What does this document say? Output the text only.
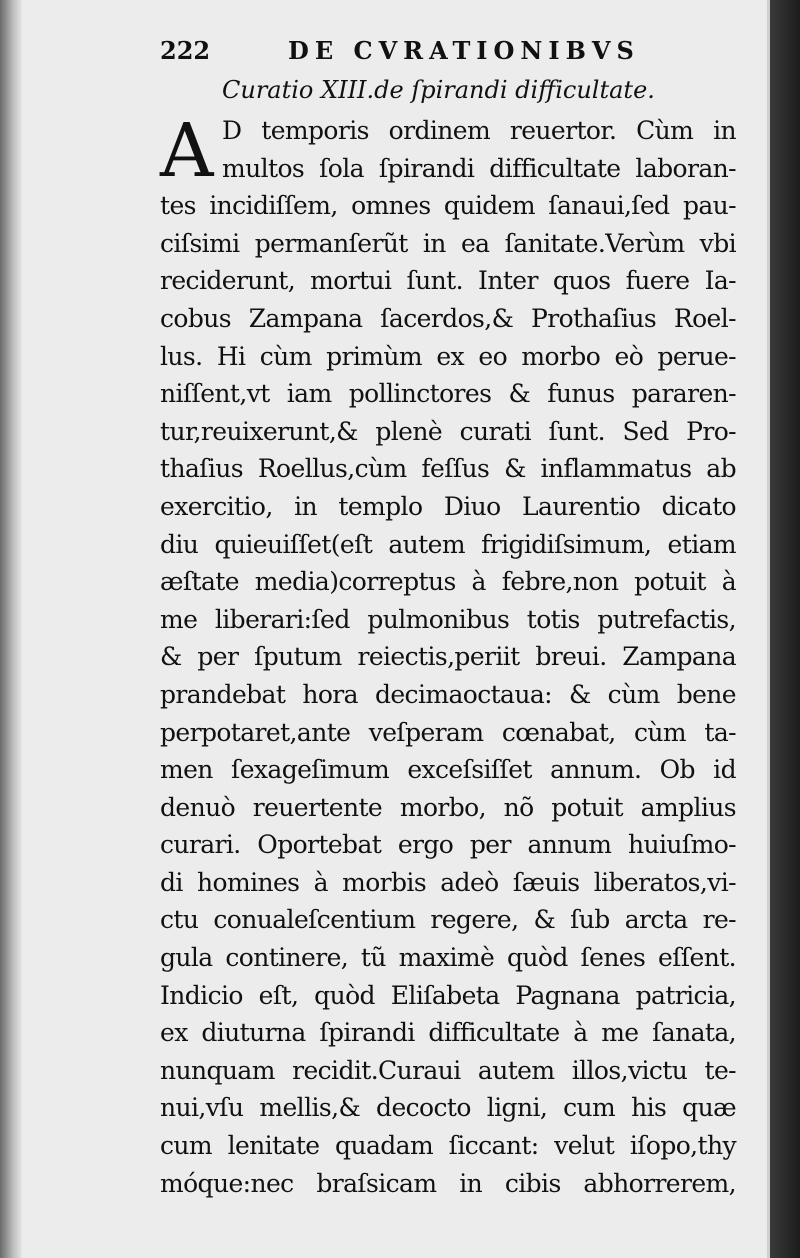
222	DE CVRATIONIBVS
Curatio XIII.de ſpirandi difficultate.
A D temporis ordinem reuertor. Cùm in
multos ſola ſpirandi difficultate laboran-
tes incidiſſem, omnes quidem ſanaui,ſed pau-
ciſsimi permanſerũt in ea ſanitate.Verùm vbi
reciderunt, mortui ſunt. Inter quos fuere Ia-
cobus Zampana ſacerdos,& Prothaſius Roel-
lus. Hi cùm primùm ex eo morbo eò perue-
niſſent,vt iam pollinctores & funus pararen-
tur,reuixerunt,& plenè curati ſunt. Sed Pro-
thaſius Roellus,cùm feſſus & inflammatus ab
exercitio, in templo Diuo Laurentio dicato
diu quieuiſſet(eſt autem frigidiſsimum, etiam
æſtate media)correptus à febre,non potuit à
me liberari:ſed pulmonibus totis putrefactis,
& per ſputum reiectis,periit breui. Zampana
prandebat hora decimaoctaua: & cùm bene
perpotaret,ante veſperam cœnabat, cùm ta-
men ſexageſimum exceſsiſſet annum. Ob id
denuò reuertente morbo, nõ potuit amplius
curari. Oportebat ergo per annum huiuſmo-
di homines à morbis adeò ſæuis liberatos,vi-
ctu conualeſcentium regere, & ſub arcta re-
gula continere, tũ maximè quòd ſenes eſſent.
Indicio eſt, quòd Eliſabeta Pagnana patricia,
ex diuturna ſpirandi difficultate à me ſanata,
nunquam recidit.Curaui autem illos,victu te-
nui,vſu mellis,& decocto ligni, cum his quæ
cum lenitate quadam ſiccant: velut iſopo,thy
móque:nec braſsicam in cibis abhorrerem,
